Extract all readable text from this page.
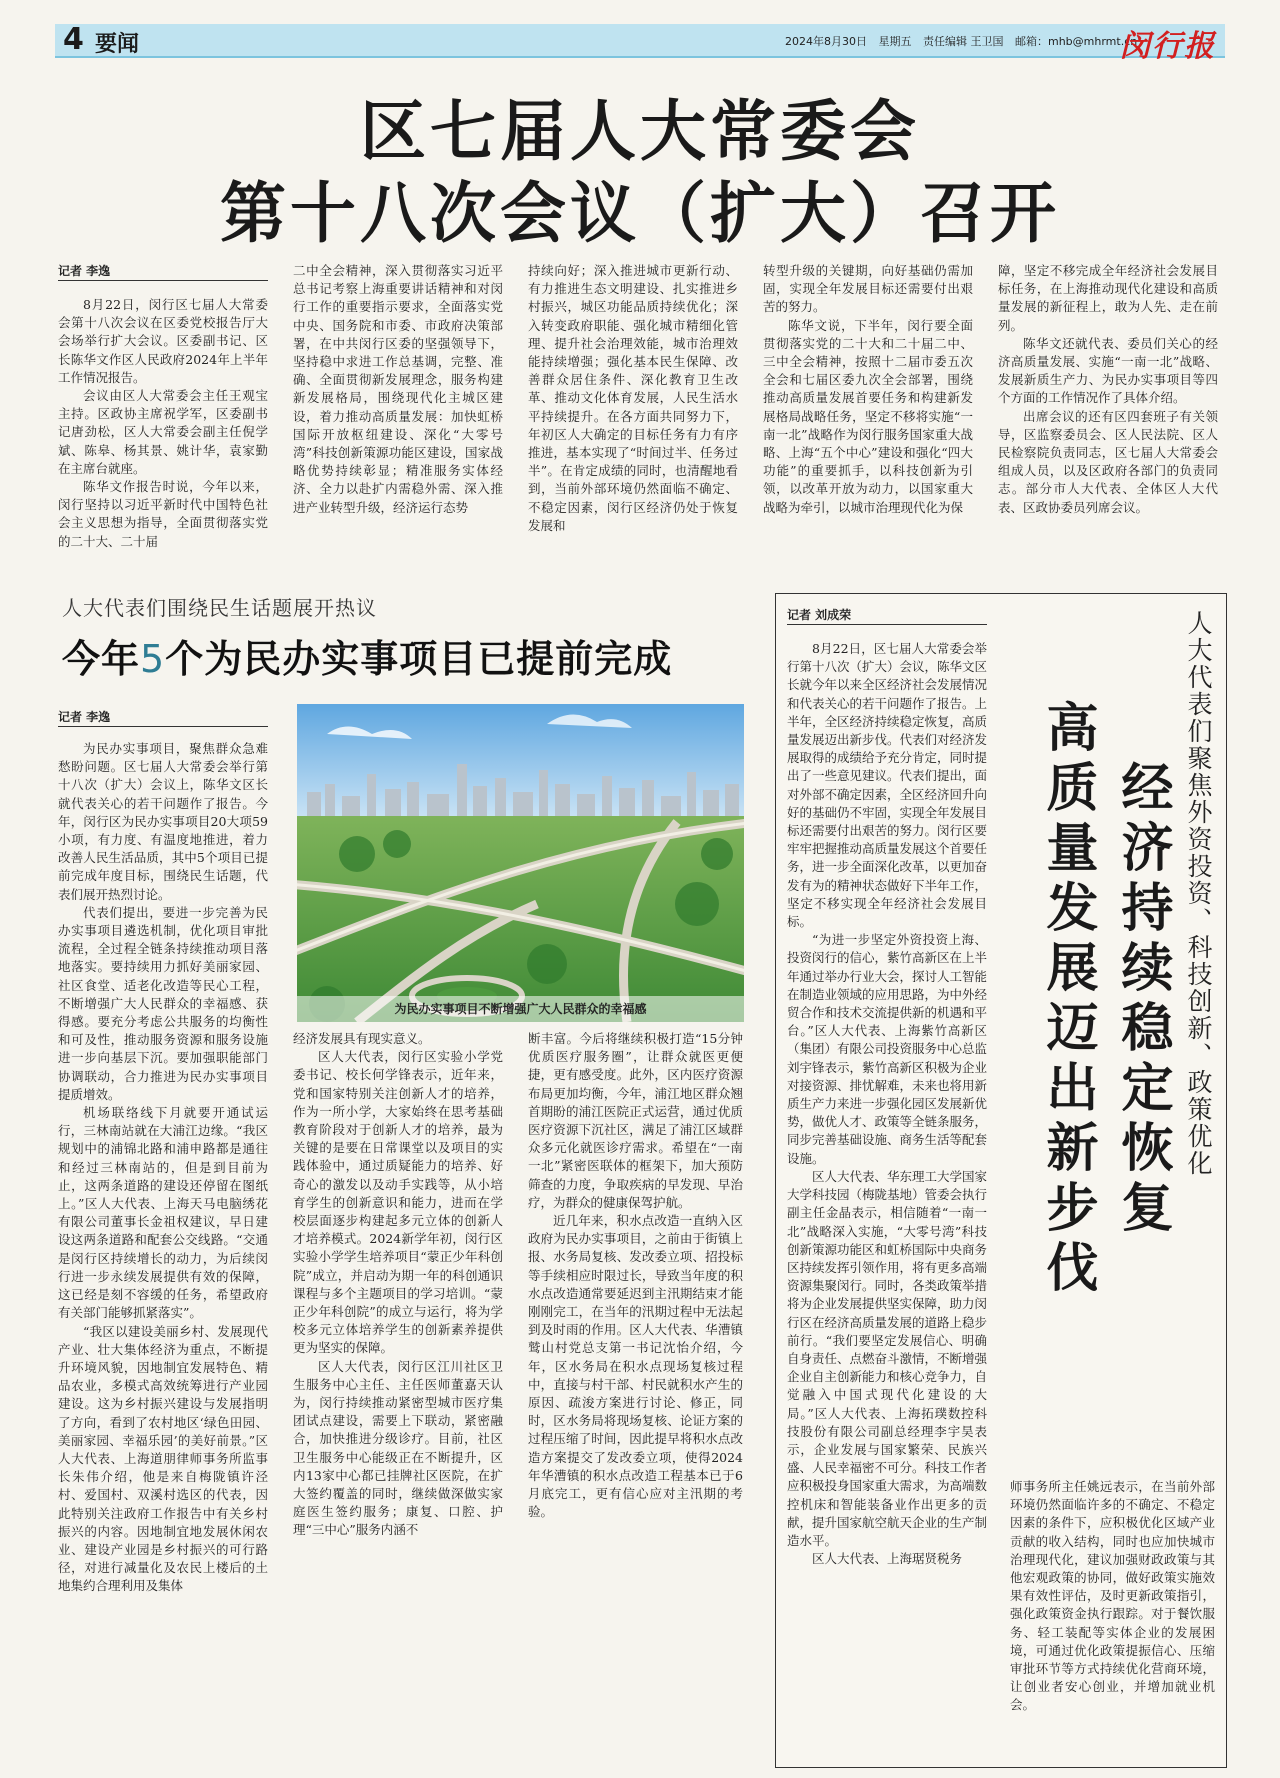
4 要闻	2024年8月30日 星期五 责任编辑 王卫国 邮箱：mhb@mhrmt.cn
闵行报
区七届人大常委会
第十八次会议（扩大）召开
记者 李逸

8月22日，闵行区七届人大常委会第十八次会议在区委党校报告厅大会场举行扩大会议。区委副书记、区长陈华文作区人民政府2024年上半年工作情况报告。

会议由区人大常委会主任王观宝主持。区政协主席祝学军，区委副书记唐劲松，区人大常委会副主任倪学斌、陈皋、杨其景、姚计华，袁家勤在主席台就座。

陈华文作报告时说，今年以来，闵行坚持以习近平新时代中国特色社会主义思想为指导，全面贯彻落实党的二十大、二十届

二中全会精神，深入贯彻落实习近平总书记考察上海重要讲话精神和对闵行工作的重要指示要求，全面落实党中央、国务院和市委、市政府决策部署，在中共闵行区委的坚强领导下，坚持稳中求进工作总基调，完整、准确、全面贯彻新发展理念，服务构建新发展格局，围绕现代化主城区建设，着力推动高质量发展：加快虹桥国际开放枢纽建设、深化“大零号湾”科技创新策源功能区建设，国家战略优势持续彰显；精准服务实体经济、全力以赴扩内需稳外需、深入推进产业转型升级，经济运行态势

持续向好；深入推进城市更新行动、有力推进生态文明建设、扎实推进乡村振兴，城区功能品质持续优化；深入转变政府职能、强化城市精细化管理、提升社会治理效能，城市治理效能持续增强；强化基本民生保障、改善群众居住条件、深化教育卫生改革、推动文化体育发展，人民生活水平持续提升。在各方面共同努力下，年初区人大确定的目标任务有力有序推进，基本实现了“时间过半、任务过半”。在肯定成绩的同时，也清醒地看到，当前外部环境仍然面临不确定、不稳定因素，闵行区经济仍处于恢复发展和

转型升级的关键期，向好基础仍需加固，实现全年发展目标还需要付出艰苦的努力。

陈华文说，下半年，闵行要全面贯彻落实党的二十大和二十届二中、三中全会精神，按照十二届市委五次全会和七届区委九次全会部署，围绕推动高质量发展首要任务和构建新发展格局战略任务，坚定不移将实施“一南一北”战略作为闵行服务国家重大战略、上海“五个中心”建设和强化“四大功能”的重要抓手，以科技创新为引领，以改革开放为动力，以国家重大战略为牵引，以城市治理现代化为保

障，坚定不移完成全年经济社会发展目标任务，在上海推动现代化建设和高质量发展的新征程上，敢为人先、走在前列。

陈华文还就代表、委员们关心的经济高质量发展、实施“一南一北”战略、发展新质生产力、为民办实事项目等四个方面的工作情况作了具体介绍。

出席会议的还有区四套班子有关领导，区监察委员会、区人民法院、区人民检察院负责同志，区七届人大常委会组成人员，以及区政府各部门的负责同志。部分市人大代表、全体区人大代表、区政协委员列席会议。

人大代表们围绕民生话题展开热议
今年5个为民办实事项目已提前完成
记者 李逸
为民办实事项目不断增强广大人民群众的幸福感

为民办实事项目，聚焦群众急难愁盼问题。区七届人大常委会举行第十八次（扩大）会议上，陈华文区长就代表关心的若干问题作了报告。今年，闵行区为民办实事项目20大项59小项，有力度、有温度地推进，着力改善人民生活品质，其中5个项目已提前完成年度目标，围绕民生话题，代表们展开热烈讨论。

代表们提出，要进一步完善为民办实事项目遴选机制，优化项目审批流程，全过程全链条持续推动项目落地落实。要持续用力抓好美丽家园、社区食堂、适老化改造等民心工程，不断增强广大人民群众的幸福感、获得感。要充分考虑公共服务的均衡性和可及性，推动服务资源和服务设施进一步向基层下沉。要加强职能部门协调联动，合力推进为民办实事项目提质增效。

机场联络线下月就要开通试运行，三林南站就在大浦江边缘。“我区规划中的浦锦北路和浦申路都是通往和经过三林南站的，但是到目前为止，这两条道路的建设还停留在图纸上。”区人大代表、上海天马电脑绣花有限公司董事长金祖权建议，早日建设这两条道路和配套公交线路。“交通是闵行区持续增长的动力，为后续闵行进一步永续发展提供有效的保障，这已经是刻不容缓的任务，希望政府有关部门能够抓紧落实”。

“我区以建设美丽乡村、发展现代产业、壮大集体经济为重点，不断提升环境风貌，因地制宜发展特色、精品农业，多模式高效统筹进行产业园建设。这为乡村振兴建设与发展指明了方向，看到了农村地区‘绿色田园、美丽家园、幸福乐园’的美好前景。”区人大代表、上海道朋律师事务所监事长朱伟介绍，他是来自梅陇镇许泾村、爱国村、双溪村选区的代表，因此特别关注政府工作报告中有关乡村振兴的内容。因地制宜地发展休闲农业、建设产业园是乡村振兴的可行路径，对进行减量化及农民上楼后的土地集约合理利用及集体

经济发展具有现实意义。

区人大代表，闵行区实验小学党委书记、校长何学锋表示，近年来，党和国家特别关注创新人才的培养，作为一所小学，大家始终在思考基础教育阶段对于创新人才的培养，最为关键的是要在日常课堂以及项目的实践体验中，通过质疑能力的培养、好奇心的激发以及动手实践等，从小培育学生的创新意识和能力，进而在学校层面逐步构建起多元立体的创新人才培养模式。2024新学年初，闵行区实验小学学生培养项目“蒙正少年科创院”成立，并启动为期一年的科创通识课程与多个主题项目的学习培训。“蒙正少年科创院”的成立与运行，将为学校多元立体培养学生的创新素养提供更为坚实的保障。

区人大代表，闵行区江川社区卫生服务中心主任、主任医师董嘉天认为，闵行持续推动紧密型城市医疗集团试点建设，需要上下联动，紧密融合，加快推进分级诊疗。目前，社区卫生服务中心能级正在不断提升，区内13家中心都已挂牌社区医院，在扩大签约覆盖的同时，继续做深做实家庭医生签约服务；康复、口腔、护理“三中心”服务内涵不

断丰富。今后将继续积极打造“15分钟优质医疗服务圈”，让群众就医更便捷，更有感受度。此外，区内医疗资源布局更加均衡，今年，浦江地区群众翘首期盼的浦江医院正式运营，通过优质医疗资源下沉社区，满足了浦江区域群众多元化就医诊疗需求。希望在“一南一北”紧密医联体的框架下，加大预防筛查的力度，争取疾病的早发现、早治疗，为群众的健康保驾护航。

近几年来，积水点改造一直纳入区政府为民办实事项目，之前由于街镇上报、水务局复核、发改委立项、招投标等手续相应时限过长，导致当年度的积水点改造通常要延迟到主汛期结束才能刚刚完工，在当年的汛期过程中无法起到及时雨的作用。区人大代表、华漕镇鹫山村党总支第一书记沈怡介绍，今年，区水务局在积水点现场复核过程中，直接与村干部、村民就积水产生的原因、疏浚方案进行讨论、修正，同时，区水务局将现场复核、论证方案的过程压缩了时间，因此提早将积水点改造方案提交了发改委立项，使得2024年华漕镇的积水点改造工程基本已于6月底完工，更有信心应对主汛期的考验。

记者 刘成荣	人大代表们聚焦外资投资、科技创新、政策优化
经济持续稳定恢复
高质量发展迈出新步伐

8月22日，区七届人大常委会举行第十八次（扩大）会议，陈华文区长就今年以来全区经济社会发展情况和代表关心的若干问题作了报告。上半年，全区经济持续稳定恢复，高质量发展迈出新步伐。代表们对经济发展取得的成绩给予充分肯定，同时提出了一些意见建议。代表们提出，面对外部不确定因素，全区经济回升向好的基础仍不牢固，实现全年发展目标还需要付出艰苦的努力。闵行区要牢牢把握推动高质量发展这个首要任务，进一步全面深化改革，以更加奋发有为的精神状态做好下半年工作，坚定不移实现全年经济社会发展目标。

“为进一步坚定外资投资上海、投资闵行的信心，紫竹高新区在上半年通过举办行业大会，探讨人工智能在制造业领域的应用思路，为中外经贸合作和技术交流提供新的机遇和平台。”区人大代表、上海紫竹高新区（集团）有限公司投资服务中心总监刘宇锋表示，紫竹高新区积极为企业对接资源、排忧解难，未来也将用新质生产力来进一步强化园区发展新优势，做优人才、政策等全链条服务，同步完善基础设施、商务生活等配套设施。

区人大代表、华东理工大学国家大学科技园（梅陇基地）管委会执行副主任金晶表示，相信随着“一南一北”战略深入实施，“大零号湾”科技创新策源功能区和虹桥国际中央商务区持续发挥引领作用，将有更多高端资源集聚闵行。同时，各类政策举措将为企业发展提供坚实保障，助力闵行区在经济高质量发展的道路上稳步前行。“我们要坚定发展信心、明确自身责任、点燃奋斗激情，不断增强企业自主创新能力和核心竞争力，自觉融入中国式现代化建设的大局。”区人大代表、上海拓璞数控科技股份有限公司副总经理李宇昊表示，企业发展与国家繁荣、民族兴盛、人民幸福密不可分。科技工作者应积极投身国家重大需求，为高端数控机床和智能装备业作出更多的贡献，提升国家航空航天企业的生产制造水平。

区人大代表、上海琚贤税务

师事务所主任姚远表示，在当前外部环境仍然面临许多的不确定、不稳定因素的条件下，应积极优化区域产业贡献的收入结构，同时也应加快城市治理现代化，建议加强财政政策与其他宏观政策的协同，做好政策实施效果有效性评估，及时更新政策指引，强化政策资金执行跟踪。对于餐饮服务、轻工装配等实体企业的发展困境，可通过优化政策提振信心、压缩审批环节等方式持续优化营商环境，让创业者安心创业，并增加就业机会。
